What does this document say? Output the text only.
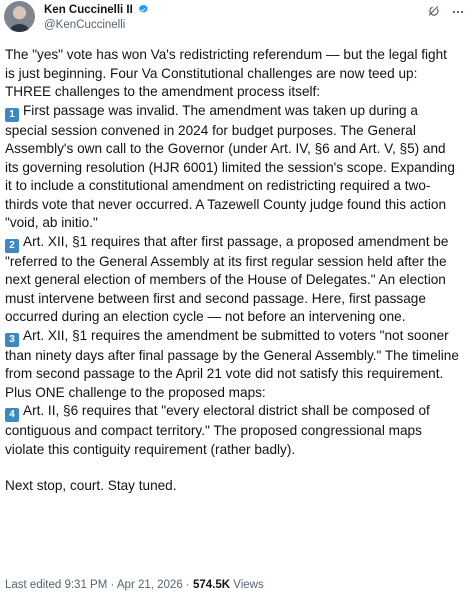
Ken Cuccinelli II
@KenCuccinelli

The "yes" vote has won Va's redistricting referendum — but the legal fight is just beginning. Four Va Constitutional challenges are now teed up:

THREE challenges to the amendment process itself:

1 First passage was invalid. The amendment was taken up during a special session convened in 2024 for budget purposes. The General Assembly's own call to the Governor (under Art. IV, §6 and Art. V, §5) and its governing resolution (HJR 6001) limited the session's scope. Expanding it to include a constitutional amendment on redistricting required a two-thirds vote that never occurred. A Tazewell County judge found this action "void, ab initio."

2 Art. XII, §1 requires that after first passage, a proposed amendment be "referred to the General Assembly at its first regular session held after the next general election of members of the House of Delegates." An election must intervene between first and second passage. Here, first passage occurred during an election cycle — not before an intervening one.

3 Art. XII, §1 requires the amendment be submitted to voters "not sooner than ninety days after final passage by the General Assembly." The timeline from second passage to the April 21 vote did not satisfy this requirement.

Plus ONE challenge to the proposed maps:

4 Art. II, §6 requires that "every electoral district shall be composed of contiguous and compact territory." The proposed congressional maps violate this contiguity requirement (rather badly).

Next stop, court. Stay tuned.

Last edited 9:31 PM · Apr 21, 2026 · 574.5K Views
